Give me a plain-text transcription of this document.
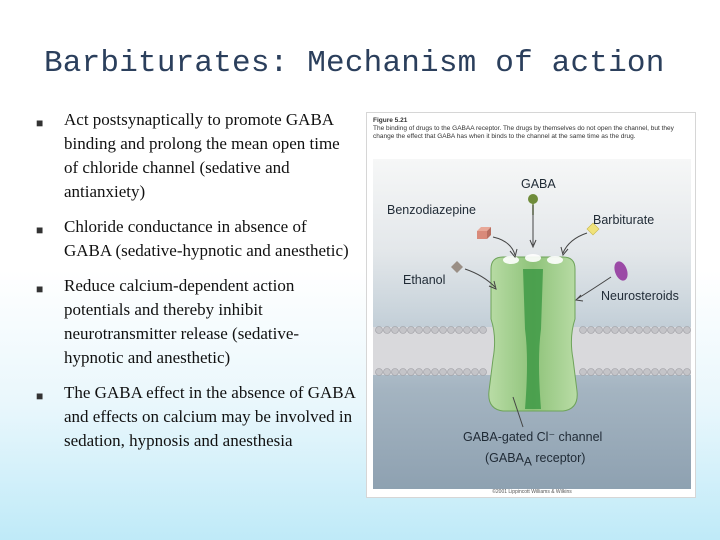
Barbiturates: Mechanism of action
■ Act postsynaptically to promote GABA binding and prolong the mean open time of chloride channel (sedative and antianxiety)
■ Chloride conductance in absence of GABA (sedative-hypnotic and anesthetic)
■ Reduce calcium-dependent action potentials and thereby inhibit neurotransmitter release (sedative-hypnotic and anesthetic)
■ The GABA effect in the absence of GABA and effects on calcium may be involved in sedation, hypnosis and anesthesia
Figure 5.21
The binding of drugs to the GABAA receptor. The drugs by themselves do not open the channel, but they change the effect that GABA has when it binds to the channel at the same time as the drug.
GABA
Benzodiazepine
Barbiturate
Ethanol
Neurosteroids
GABA-gated Cl⁻ channel
($GABA_A$ receptor)
©2001 Lippincott Williams & Wilkins
